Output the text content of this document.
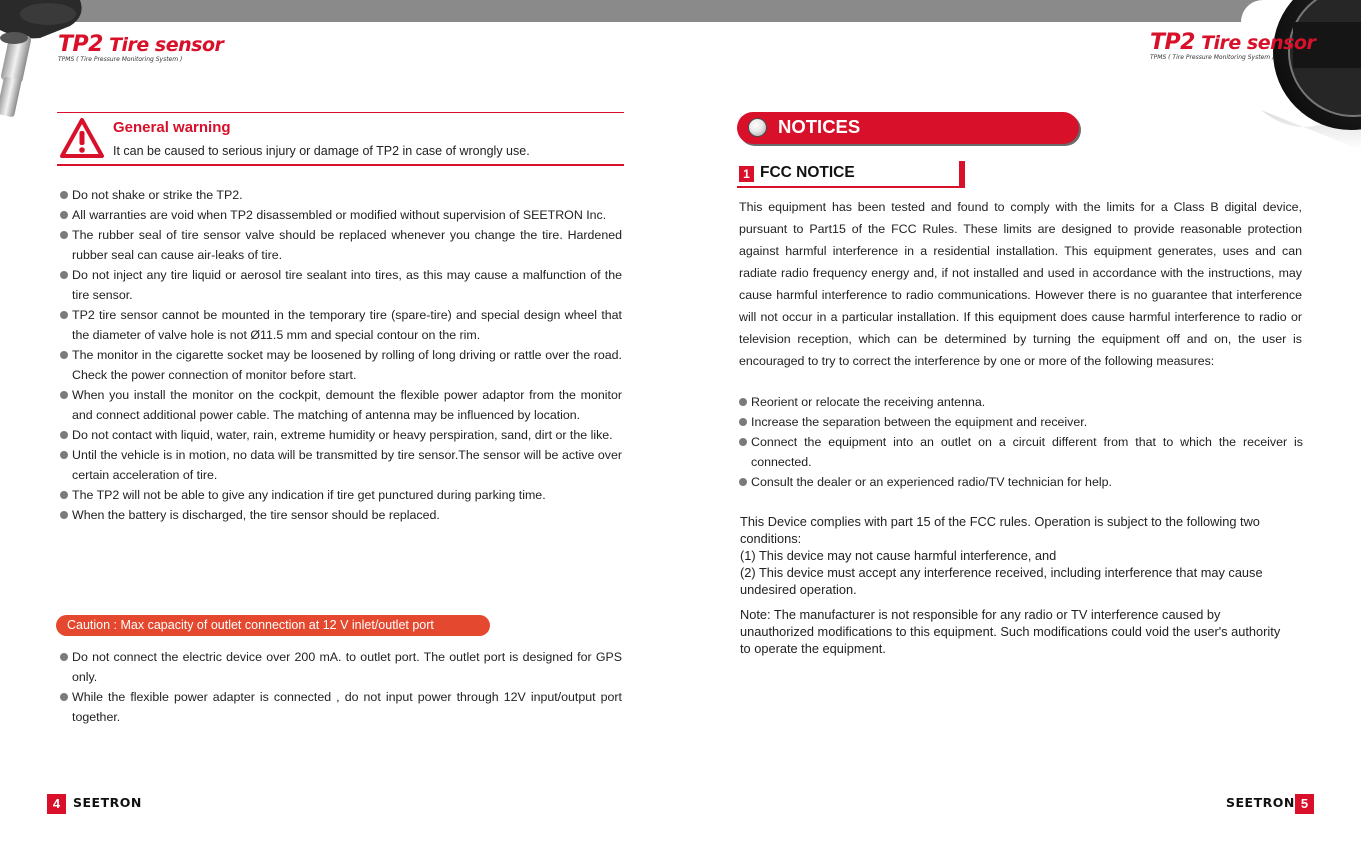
TP2 Tire sensor
TPMS ( Tire Pressure Monitoring System )
TP2 Tire sensor
TPMS ( Tire Pressure Monitoring System )
General warning
It can be caused to serious injury or damage of TP2 in case of wrongly use.
Do not shake or strike the TP2.
All warranties are void when TP2 disassembled or modified without supervision of SEETRON Inc.
The rubber seal of tire sensor valve should be replaced whenever you change the tire. Hardened rubber seal can cause air-leaks of tire.
Do not inject any tire liquid or aerosol tire sealant into tires, as this may cause a malfunction of the tire sensor.
TP2 tire sensor cannot be mounted in the temporary tire (spare-tire) and special design wheel that the diameter of valve hole is not Ø11.5 mm and special contour on the rim.
The monitor in the cigarette socket may be loosened by rolling of long driving or rattle over the road. Check the power connection of monitor before start.
When you install the monitor on the cockpit, demount the flexible power adaptor from the monitor and connect additional power cable. The matching of antenna may be influenced by location.
Do not contact with liquid, water, rain, extreme humidity or heavy perspiration, sand, dirt or the like.
Until the vehicle is in motion, no data will be transmitted by tire sensor.The sensor will be active over certain acceleration of tire.
The TP2 will not be able to give any indication if tire get punctured during parking time.
When the battery is discharged, the tire sensor should be replaced.
Caution : Max capacity of outlet connection at 12 V inlet/outlet port
Do not connect the electric device over 200 mA. to outlet port. The outlet port is designed for GPS only.
While the flexible power adapter is connected , do not input power through 12V input/output port together.
4	SEETRON
NOTICES
1 FCC NOTICE
This equipment has been tested and found to comply with the limits for a Class B digital device, pursuant to Part15 of the FCC Rules. These limits are designed to provide reasonable protection against harmful interference in a residential installation. This equipment generates, uses and can radiate radio frequency energy and, if not installed and used in accordance with the instructions, may cause harmful interference to radio communications. However there is no guarantee that interference will not occur in a particular installation. If this equipment does cause harmful interference to radio or television reception, which can be determined by turning the equipment off and on, the user is encouraged to try to correct the interference by one or more of the following measures:
Reorient or relocate the receiving antenna.
Increase the separation between the equipment and receiver.
Connect the equipment into an outlet on a circuit different from that to which the receiver is connected.
Consult the dealer or an experienced radio/TV technician for help.

This Device complies with part 15 of the FCC rules. Operation is subject to the following two conditions:

(1) This device may not cause harmful interference, and

(2) This device must accept any interference received, including interference that may cause undesired operation.

Note: The manufacturer is not responsible for any radio or TV interference caused by unauthorized modifications to this equipment. Such modifications could void the user's authority to operate the equipment.
SEETRON 5
